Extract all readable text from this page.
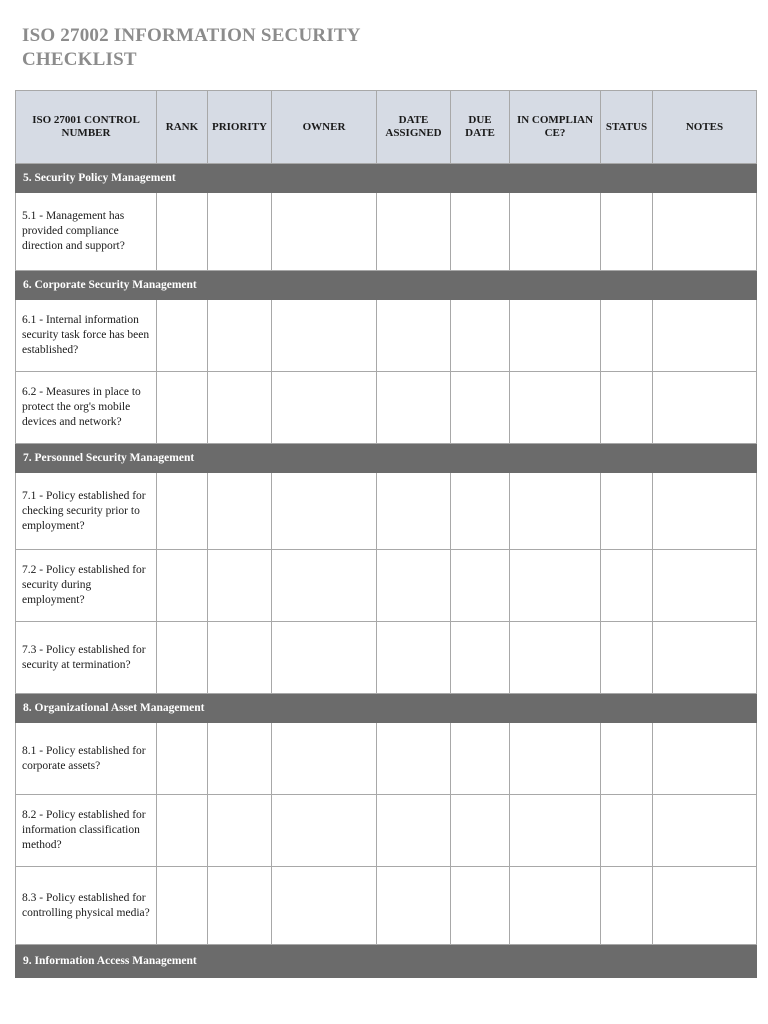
ISO 27002 INFORMATION SECURITY CHECKLIST
ISO 27001 CONTROL NUMBER	RANK	PRIORITY	OWNER	DATE ASSIGNED	DUE DATE	IN COMPLIANCE?	STATUS	NOTES
5. Security Policy Management								
5.1 - Management has provided compliance direction and support?								
6. Corporate Security Management								
6.1 - Internal information security task force has been established?								
6.2 - Measures in place to protect the org's mobile devices and network?								
7. Personnel Security Management								
7.1 - Policy established for checking security prior to employment?								
7.2 - Policy established for security during employment?								
7.3 - Policy established for security at termination?								
8. Organizational Asset Management								
8.1 - Policy established for corporate assets?								
8.2 - Policy established for information classification method?								
8.3 - Policy established for controlling physical media?								
9. Information Access Management								
